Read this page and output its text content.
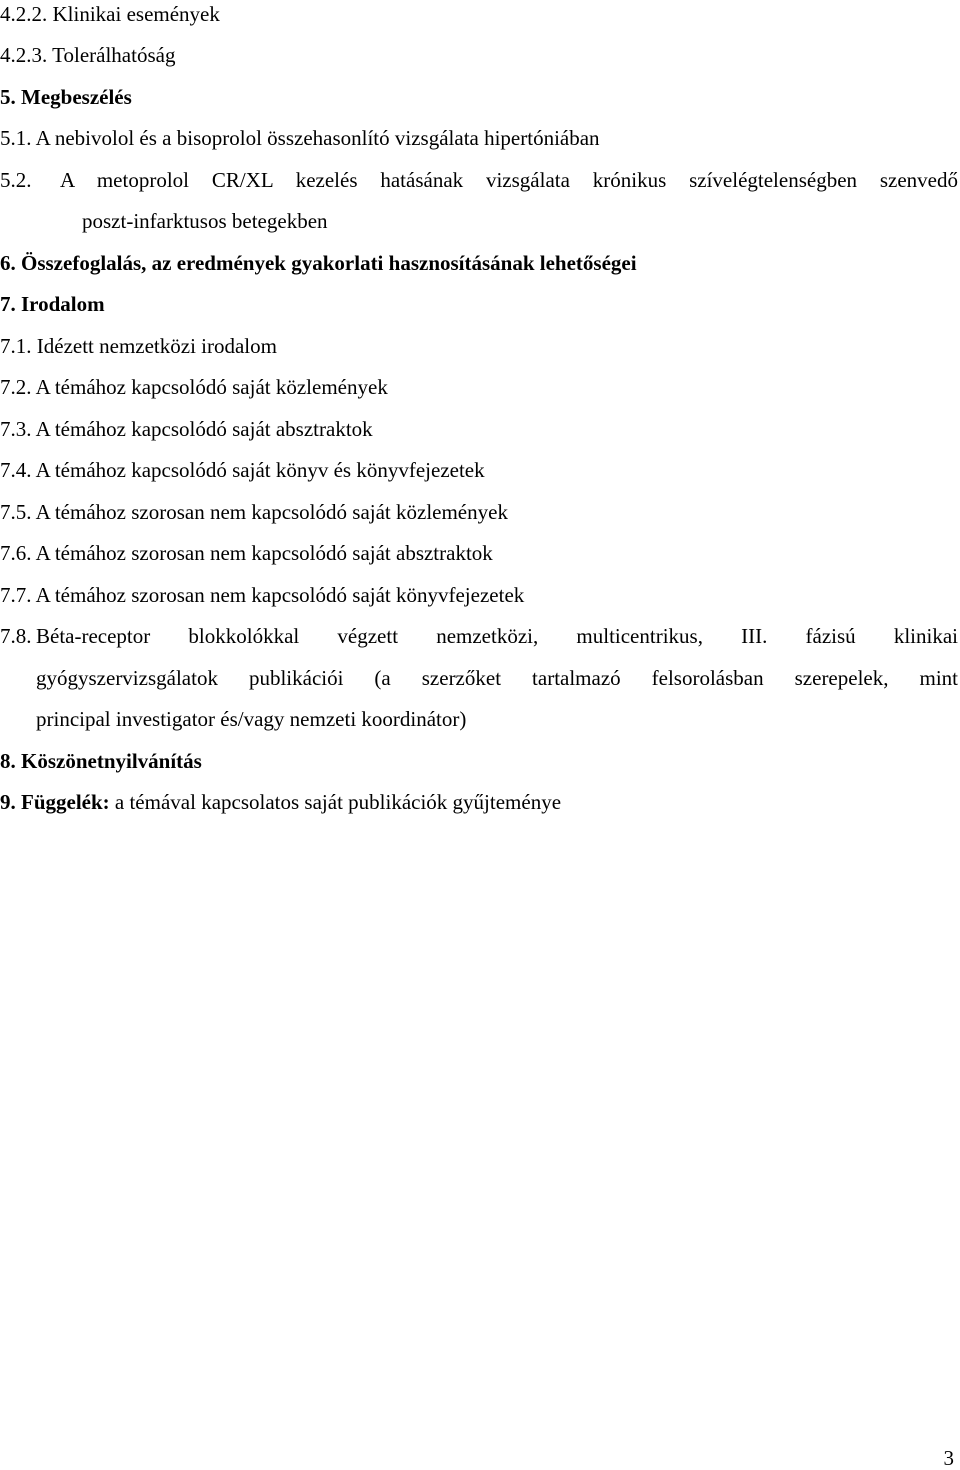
4.2.2. Klinikai események
4.2.3. Tolerálhatóság
5. Megbeszélés
5.1. A nebivolol és a bisoprolol összehasonlító vizsgálata hipertóniában
5.2.	A metoprolol CR/XL kezelés hatásának vizsgálata krónikus szívelégtelenségben szenvedő
poszt-infarktusos betegekben
6. Összefoglalás, az eredmények gyakorlati hasznosításának lehetőségei
7. Irodalom
7.1. Idézett nemzetközi irodalom
7.2. A témához kapcsolódó saját közlemények
7.3. A témához kapcsolódó saját absztraktok
7.4. A témához kapcsolódó saját könyv és könyvfejezetek
7.5. A témához szorosan nem kapcsolódó saját közlemények
7.6. A témához szorosan nem kapcsolódó saját absztraktok
7.7. A témához szorosan nem kapcsolódó saját könyvfejezetek
7.8. Béta-receptor blokkolókkal végzett nemzetközi, multicentrikus, III. fázisú klinikai
gyógyszervizsgálatok publikációi (a szerzőket tartalmazó felsorolásban szerepelek, mint
principal investigator és/vagy nemzeti koordinátor)
8. Köszönetnyilvánítás
9. Függelék: a témával kapcsolatos saját publikációk gyűjteménye
3
